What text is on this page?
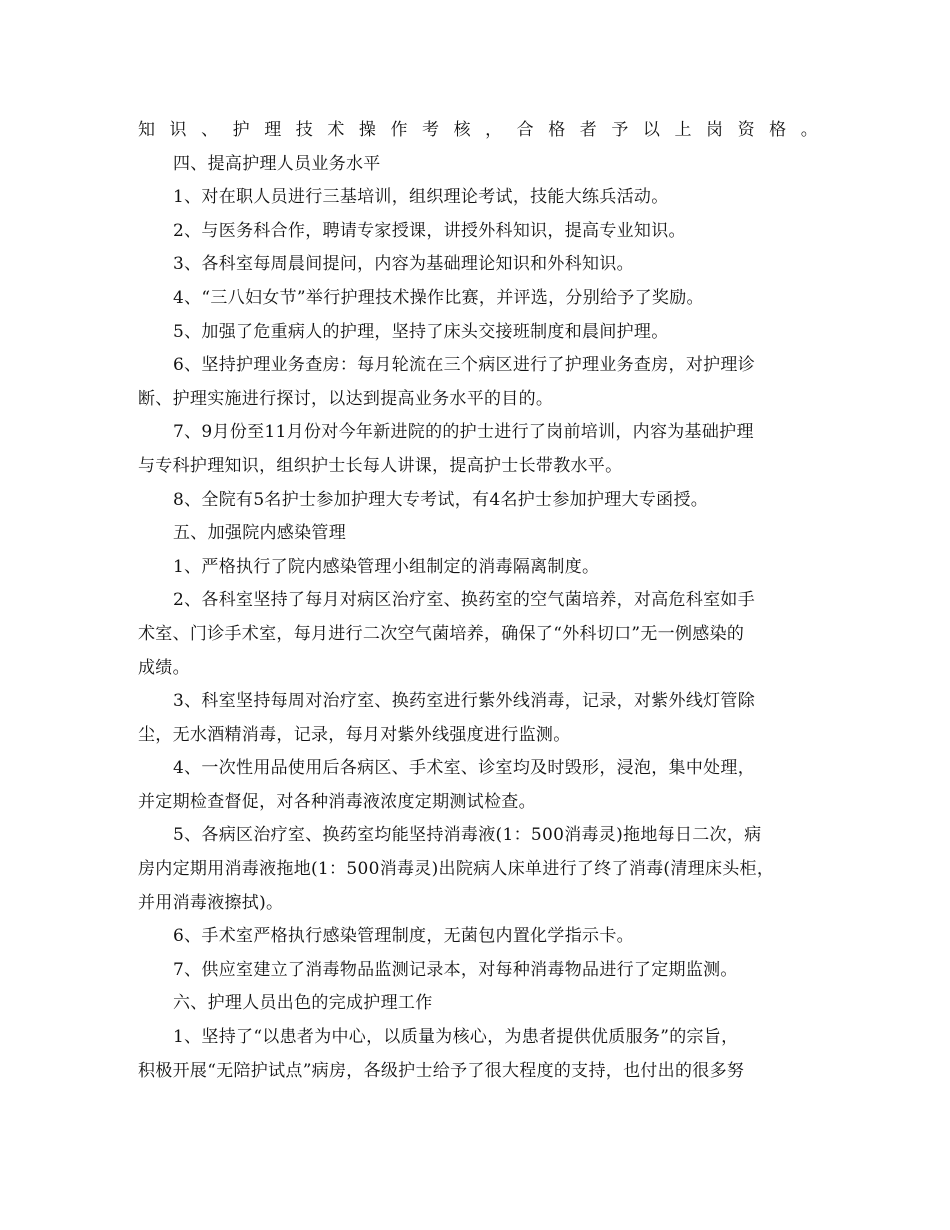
知识、护理技术操作考核，合格者予以上岗资格。
四、提高护理人员业务水平
1、对在职人员进行三基培训，组织理论考试，技能大练兵活动。
2、与医务科合作，聘请专家授课，讲授外科知识，提高专业知识。
3、各科室每周晨间提问，内容为基础理论知识和外科知识。
4、“三八妇女节”举行护理技术操作比赛，并评选，分别给予了奖励。
5、加强了危重病人的护理，坚持了床头交接班制度和晨间护理。
6、坚持护理业务查房：每月轮流在三个病区进行了护理业务查房，对护理诊
断、护理实施进行探讨，以达到提高业务水平的目的。
7、9月份至11月份对今年新进院的的护士进行了岗前培训，内容为基础护理
与专科护理知识，组织护士长每人讲课，提高护士长带教水平。
8、全院有5名护士参加护理大专考试，有4名护士参加护理大专函授。
五、加强院内感染管理
1、严格执行了院内感染管理小组制定的消毒隔离制度。
2、各科室坚持了每月对病区治疗室、换药室的空气菌培养，对高危科室如手
术室、门诊手术室，每月进行二次空气菌培养，确保了“外科切口”无一例感染的
成绩。
3、科室坚持每周对治疗室、换药室进行紫外线消毒，记录，对紫外线灯管除
尘，无水酒精消毒，记录，每月对紫外线强度进行监测。
4、一次性用品使用后各病区、手术室、诊室均及时毁形，浸泡，集中处理，
并定期检查督促，对各种消毒液浓度定期测试检查。
5、各病区治疗室、换药室均能坚持消毒液(1：500消毒灵)拖地每日二次，病
房内定期用消毒液拖地(1：500消毒灵)出院病人床单进行了终了消毒(清理床头柜，
并用消毒液擦拭)。
6、手术室严格执行感染管理制度，无菌包内置化学指示卡。
7、供应室建立了消毒物品监测记录本，对每种消毒物品进行了定期监测。
六、护理人员出色的完成护理工作
1、坚持了“以患者为中心，以质量为核心，为患者提供优质服务”的宗旨，
积极开展“无陪护试点”病房，各级护士给予了很大程度的支持，也付出的很多努
